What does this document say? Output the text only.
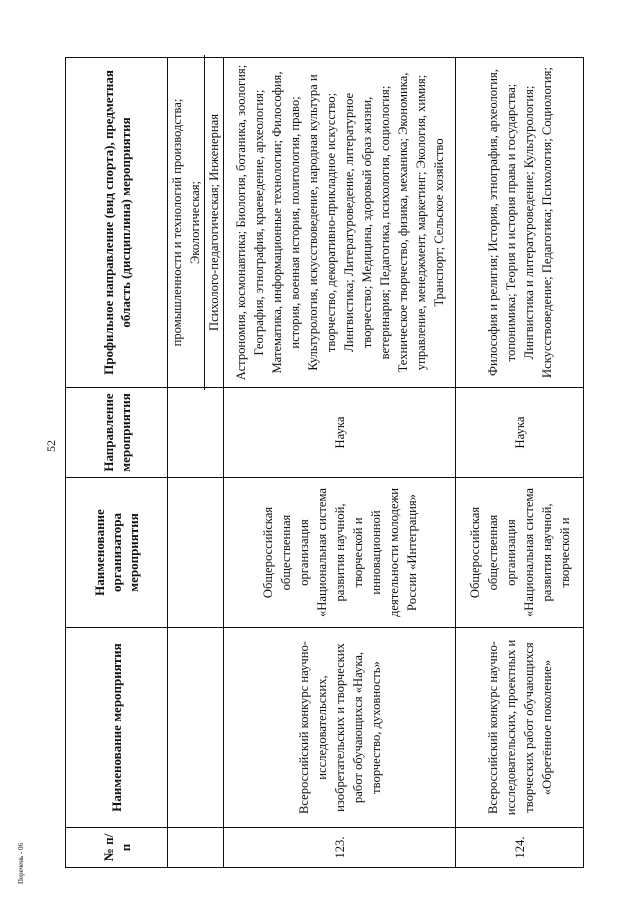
52
Перечень - 06	№ п/п	Наименование мероприятия	Наименование организатора мероприятия	Направление мероприятия	Профильное направление (вид спорта), предметная область (дисциплина) мероприятия

				промышленности и технологий производства; Экологическая; Психолого-педагогическая; Инженерная

123.	Всероссийский конкурс научно-исследовательских, изобретательских и творческих работ обучающихся «Наука, творчество, духовность»	Общероссийская общественная организация «Национальная система развития научной, творческой и инновационной деятельности молодежи России «Интеграция»	Наука	Астрономия, космонавтика; Биология, ботаника, зоология; География, этнография, краеведение, археология; Математика, информационные технологии; Философия, история, военная история, политология, право; Культурология, искусствоведение, народная культура и творчество, декоративно-прикладное искусство; Лингвистика; Литературоведение, литературное творчество; Медицина, здоровый образ жизни, ветеринария; Педагогика, психология, социология; Техническое творчество, физика, механика; Экономика, управление, менеджмент, маркетинг; Экология, химия; Транспорт; Сельское хозяйство
124.	Всероссийский конкурс научно-исследовательских, проектных и творческих работ обучающихся «Обретённое поколение»	Общероссийская общественная организация «Национальная система развития научной, творческой и	Наука	Философия и религия; История, этнография, археология, топонимика; Теория и история права и государства; Лингвистика и литературоведение; Культурология; Искусствоведение; Педагогика; Психология; Социология;
